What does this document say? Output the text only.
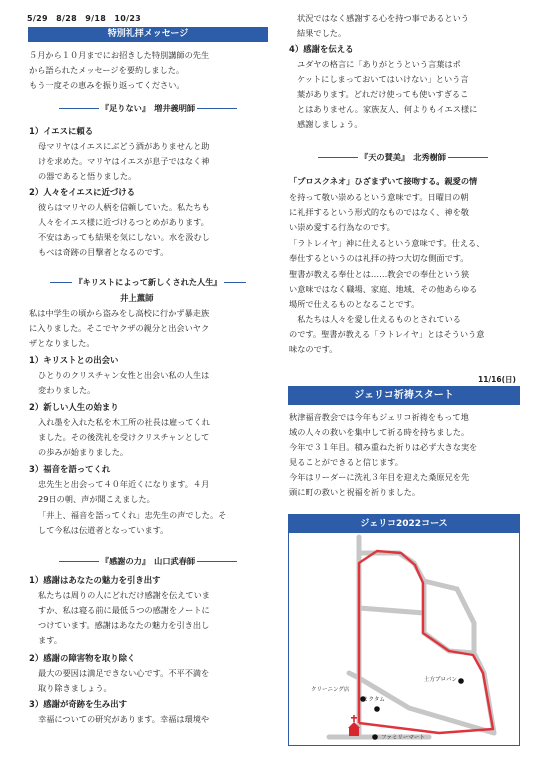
5/29　8/28　9/18　10/23
特別礼拝メッセージ
５月から１０月までにお招きした特別講師の先生
から語られたメッセージを要約しました。
もう一度その恵みを振り返ってください。
『足りない』　増井義明師
1）イエスに頼る
母マリヤはイエスにぶどう酒がありませんと助
けを求めた。マリヤはイエスが息子ではなく神
の器であると悟りました。
2）人々をイエスに近づける
彼らはマリヤの人柄を信頼していた。私たちも
人々をイエス様に近づけるつとめがあります。
不安はあっても結果を気にしない。水を汲むし
もべは奇跡の目撃者となるのです。
『キリストによって新しくされた人生』
井上薫師
私は中学生の頃から盗みをし高校に行かず暴走族
に入りました。そこでヤクザの親分と出会いヤク
ザとなりました。
1）キリストとの出会い
ひとりのクリスチャン女性と出会い私の人生は
変わりました。
2）新しい人生の始まり
入れ墨を入れた私を木工所の社長は雇ってくれ
ました。その後洗礼を受けクリスチャンとして
の歩みが始まりました。
3）福音を語ってくれ
忠先生と出会って４０年近くになります。４月
29日の朝、声が聞こえました。
「井上、福音を語ってくれ」忠先生の声でした。そ
して今私は伝道者となっています。
『感謝の力』　山口武春師
1）感謝はあなたの魅力を引き出す
私たちは周りの人にどれだけ感謝を伝えていま
すか、私は寝る前に最低５つの感謝をノートに
つけています。感謝はあなたの魅力を引き出し
ます。
2）感謝の障害物を取り除く
最大の要因は満足できない心です。不平不満を
取り除きましょう。
3）感謝が奇跡を生み出す
幸福についての研究があります。幸福は環境や
状況ではなく感謝する心を持つ事であるという
結果でした。
4）感謝を伝える
ユダヤの格言に「ありがとうという言葉はポ
ケットにしまっておいてはいけない」という言
葉があります。どれだけ使っても使いすぎるこ
とはありません。家族友人、何よりもイエス様に
感謝しましょう。
『天の賛美』　北秀樹師
「プロスクネオ」ひざまずいて接吻する。親愛の情
を持って敬い崇めるという意味です。日曜日の朝
に礼拝するという形式的なものではなく、神を敬
い崇め愛する行為なのです。
「ラトレイヤ」神に仕えるという意味です。仕える、
奉仕するというのは礼拝の持つ大切な側面です。
聖書が教える奉仕とは……教会での奉仕という狭
い意味ではなく職場、家庭、地域、その他あらゆる
場所で仕えるものとなることです。
　私たちは人々を愛し仕えるものとされている
のです。聖書が教える「ラトレイヤ」とはそういう意
味なのです。
11/16(日)
ジェリコ祈祷スタート
秋津福音教会では今年もジェリコ祈祷をもって地
域の人々の救いを集中して祈る時を持ちました。
今年で３１年目。積み重ねた祈りは必ず大きな実を
見ることができると信じます。
今年はリーダーに洗礼３年目を迎えた桑原兄を先
頭に町の救いと祝福を祈りました。
ジェリコ2022コース
土方プロパン
クリーニング店
ミクタム
ファミリーマート
